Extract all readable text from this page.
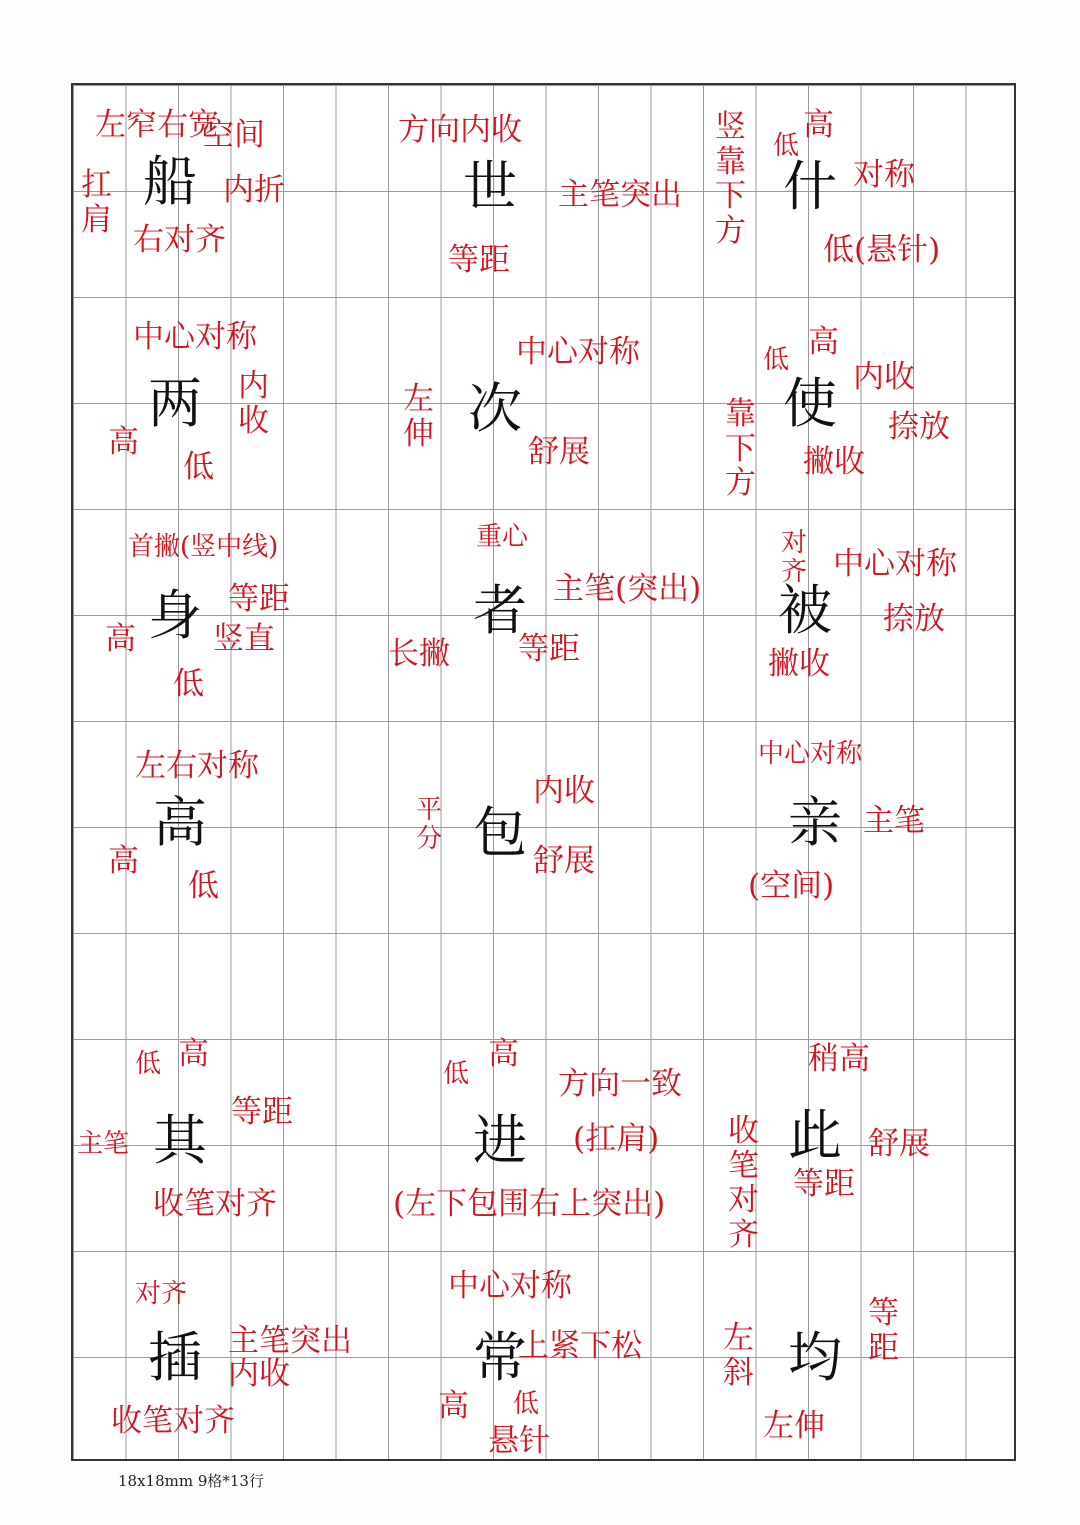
船
左窄右宽
空间
扛
肩
内折
右对齐
世
方向内收
主笔突出
等距
什
竖靠下方
低
高
对称
低(悬针)
两
中心对称
内收
高
低
次
中心对称
左伸
舒展
使
低 高
内收
靠下方
捺放
撇收
身
首撇(竖中线)
等距
高 竖直
低
者
重心
主笔(突出)
长撇 等距
被
对齐 中心对称
捺放
撇收
高
左右对称
高
低
包
平分
内收
舒展
亲
中心对称
主笔
(空间)
其
低 高
等距
主笔
收笔对齐
进
低
高
方向一致
(扛肩)
(左下包围右上突出)
此
稍高
收笔对齐
舒展
等距
插
对齐
主笔突出
内收
收笔对齐
常
中心对称
上紧下松
高 低
悬针
均
左斜
等距
左伸
18x18mm 9格*13行
